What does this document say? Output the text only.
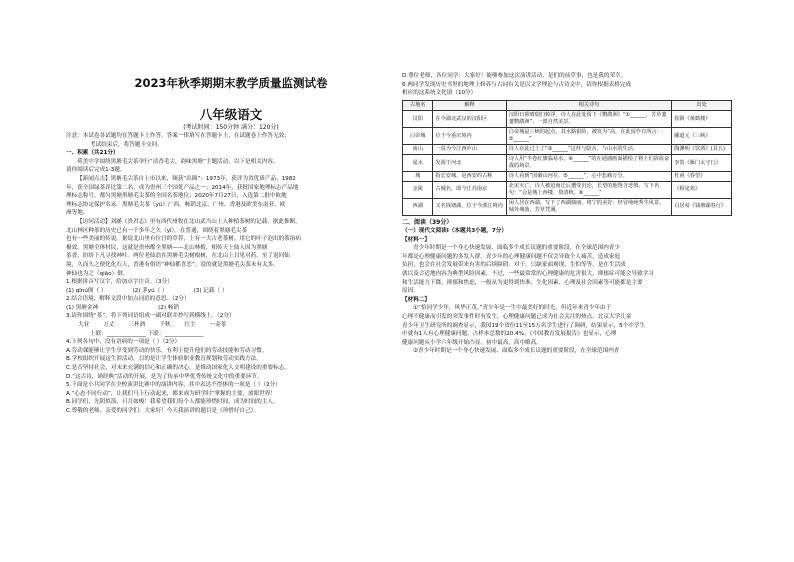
2023年秋季期期末教学质量监测试卷
八年级语文
(考试时间：150分钟 满分：120分)
注意：本试卷各试题均在答题卡上作答，答案一律填写在答题卡上，在试题卷上作答无效；
考试结束后，将答题卡交回。
一、积累（共21分）
荷美中学围绕黑塘毛尖茶举行“清香毛尖，韵味黑塘”主题活动，以下是相关内容，
请你阅读后完成1-3题。
【新闻点击】黑塘毛尖茶自上市以来，频获“出圈”：1973年，获评为省优质产品；1982
年，获全国绿茶评比第二名，成为贵州三个国优产品之一；2014年，获批国家地理标志产品地
理标志称号，都匀黑塘黑塘毛尖茶的全国名茶地位；2020年7月27日，入选第二批中欧地
理标志协定保护名录。黑塘毛尖茶（yú）广西，畅销北京、广州、香港及欧美东南亚、欧
洲等地。
【访问活动】刘涵《贵君志》里有西代州牧在北山武当山上人种植茶树的记载，据此推断，
北山林区种茶的历史已有一千多年之久（yǐ）。在普通，围绕着黑塘毛尖茶
也有一些美丽的传说。据说北山里有位宫的草荐，上有一大古老茶树，用它的叶子泡出的茶治病
极效。黑塘全体村民，这就是贵州都全黑塘——北山林植，相传天上仙人因为黑塘
茶香，纷纷下凡寻找神叶。两位老仙翁在黑塘毛尖树根树，在北山上目见对药，至了返回仙
境，久而久之便化化石人，香港有俗语“神仙都喜恋”，说的就是黑塘毛尖茶末有太多，
神仙也为之（qiāo）倒。
1.根据拼音写汉字，给加点字注音。（3分）
(1) qīnú倒（ ）	(2) 茅yú（ ）	(3) 记载（ ）
2.结合语境，解释文段中加点词语的意思。（2分）
(1) 黑塘金神	(2) 畅销
3.请你围绕“茶”，将下列词语组成一副对联并抄写到横线上。（2分）
大业	万丈	三杯酒	千秋	红尘	一壶茶
上联：______________ 下联：______________
4.下列各句中，没有语病的一项是（ ）（2分）
A.劳动课能够让学生享受到劳动的快乐，有利于提升他们的劳动技能和劳动习惯。
B.学校组织开展这生涯活动，目的是让学生体验职业教育规划和劳动实践方法。
C.是否坚持社会，对未来充满的信心和正确的决心，是推动国家化人文明建设的重要标志。
D.“这古诗，诵经典”活动的开展，是为了传承中华优秀传统文化中的重要环节。
5.下面是小共同学在全校演讲比赛中的演讲内容，其中表达不得体的一项是（ ）（2分）
A.“心态不同行动”，让我们马上行动起来，都来成为研学时“掌握的主要，放眼世界！
B.同学们，光阴似箭，日月如梭！我希望我们每个人都能珍惜时间，成为时间的主人。
C.尊敬的老师，亲爱的同学们：大家好！今天我演讲的题目是《珍惜好自己》。
D.尊位老师，各位同学：大家好！能够参加这次演讲活动，是们的前草事，也是我的荣幸。
6.两同学发现历史书里的地理上修养与古词有关是以文学理论与古诗文中，请你根据表格完成
相应的这系统文化填（10分）
古地名	解释	相关诗句	出处
汉阳	在今湖北武汉的汉阳区	汉阳日暮晴瑞归棹浮，诗人在此处留下《鹦鹉洲》“①______，芳草萋萋鹦鹉洲”。一派自然美景。	崔颢《黄鹤楼》
白帝城	位于今重庆境内	白帝城是三峡的起点，其水路艰险，被发为“高，在此留作有所言：②______”	郦道元《三峡》
南山	一说为今江西庐山	诗人在此过上了“③______”这样与隐舍、与山水的生活。	陶渊明《饮酒》(其五)
晁水	发源于河北	诗人用“半卷红旗临易水，④______”的在通感画面描绘了将士们浴血奋战的场景。	李贺《雁门太守行》
城	指长安城，是西安的古称	诗人看到“国破山河在，⑤______”，心中悲痛万分。	杜甫《春望》
金陵	古城名，即今江苏南京	北宋灭亡，诗人被迫南迁后遭受沉沦，长望的他饱含悲愤，写下名句：“会是城上西楼，倚清秋。⑥______”	《相见欢》
西湖	又名钱塘湖，位于今浙江境内	闲人居在西湖，写下了西湖旖丽，将宁的美好：经冒纯纯秀生风景，城外城落，芳草凭溪。	白居易《钱塘湖春行》
二、阅读（39分）
（一）现代文阅读Ⅰ（本题共3小题，7分）
【材料一】
青少年时期是一个身心快速发展、面临多个成长议题的重要阶段，在全球范围内青少
年都是心理健康问题的多发人群。青少年的心理健康问题不仅会导致个人痛苦，造成家庭
负担，也会在社会发展带来有害的后续障碍。对于，只缺家面观现、生怕等等，是在生活成
就以及合适地内容为典型风险因素，不过，一些最常常的心理健康的危害很大，抑郁症可能会导致学习
和生活能力下降，抑郁和焦虑，一般从为更得到快准，生化因素、心理及社会因素等可能都是主要
原因。
【材料二】
①“恰同学少年，风华正茂。”青少年是一生中最美好的时光，但近年来青少年由于
心理不健康而引发的突发事件时有发生。心理健康问题已成为社会关注的热点。北京大学儿童
青少年卫生研究所的调查显示，我国19个省份11至15万名学生进行了调研，结果显示，5个中学生
中就有1人有心理健康问题，占样本总数的20.4%。《中国教育发展报告》也显示，心理
健康问题从小学六年级开始凸显，初中最高，高中略高。
②青少年时期是一个身心快速发展、面临多个成长议题的重要阶段，在全球范围内青
